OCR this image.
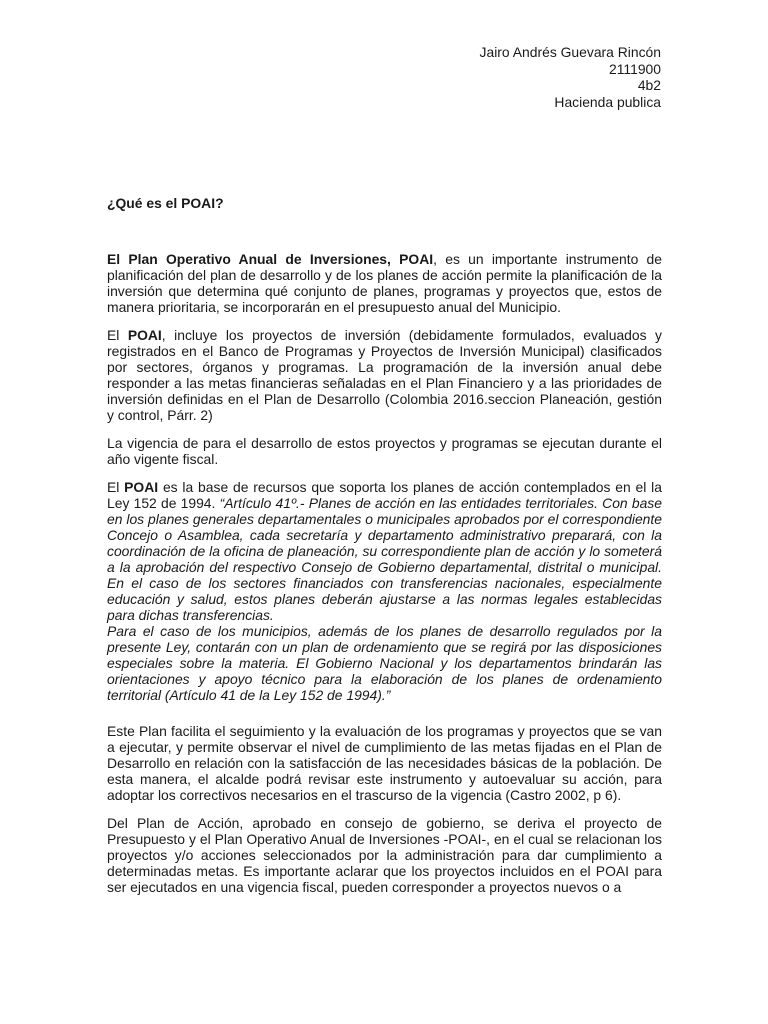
Jairo Andrés Guevara Rincón
2111900
4b2
Hacienda publica
¿Qué es el POAI?

El Plan Operativo Anual de Inversiones, POAI, es un importante instrumento de planificación del plan de desarrollo y de los planes de acción permite la planificación de la inversión que determina qué conjunto de planes, programas y proyectos que, estos de manera prioritaria, se incorporarán en el presupuesto anual del Municipio.

El POAI, incluye los proyectos de inversión (debidamente formulados, evaluados y registrados en el Banco de Programas y Proyectos de Inversión Municipal) clasificados por sectores, órganos y programas. La programación de la inversión anual debe responder a las metas financieras señaladas en el Plan Financiero y a las prioridades de inversión definidas en el Plan de Desarrollo (Colombia 2016.seccion Planeación, gestión y control, Párr. 2)

La vigencia de para el desarrollo de estos proyectos y programas se ejecutan durante el año vigente fiscal.

El POAI es la base de recursos que soporta los planes de acción contemplados en el la Ley 152 de 1994. “Artículo 41º.- Planes de acción en las entidades territoriales. Con base en los planes generales departamentales o municipales aprobados por el correspondiente Concejo o Asamblea, cada secretaría y departamento administrativo preparará, con la coordinación de la oficina de planeación, su correspondiente plan de acción y lo someterá a la aprobación del respectivo Consejo de Gobierno departamental, distrital o municipal. En el caso de los sectores financiados con transferencias nacionales, especialmente educación y salud, estos planes deberán ajustarse a las normas legales establecidas para dichas transferencias.

Para el caso de los municipios, además de los planes de desarrollo regulados por la presente Ley, contarán con un plan de ordenamiento que se regirá por las disposiciones especiales sobre la materia. El Gobierno Nacional y los departamentos brindarán las orientaciones y apoyo técnico para la elaboración de los planes de ordenamiento territorial (Artículo 41 de la Ley 152 de 1994).”

Este Plan facilita el seguimiento y la evaluación de los programas y proyectos que se van a ejecutar, y permite observar el nivel de cumplimiento de las metas fijadas en el Plan de Desarrollo en relación con la satisfacción de las necesidades básicas de la población. De esta manera, el alcalde podrá revisar este instrumento y autoevaluar su acción, para adoptar los correctivos necesarios en el trascurso de la vigencia (Castro 2002, p 6).

Del Plan de Acción, aprobado en consejo de gobierno, se deriva el proyecto de Presupuesto y el Plan Operativo Anual de Inversiones -POAI-, en el cual se relacionan los proyectos y/o acciones seleccionados por la administración para dar cumplimiento a determinadas metas. Es importante aclarar que los proyectos incluidos en el POAI para ser ejecutados en una vigencia fiscal, pueden corresponder a proyectos nuevos o a
